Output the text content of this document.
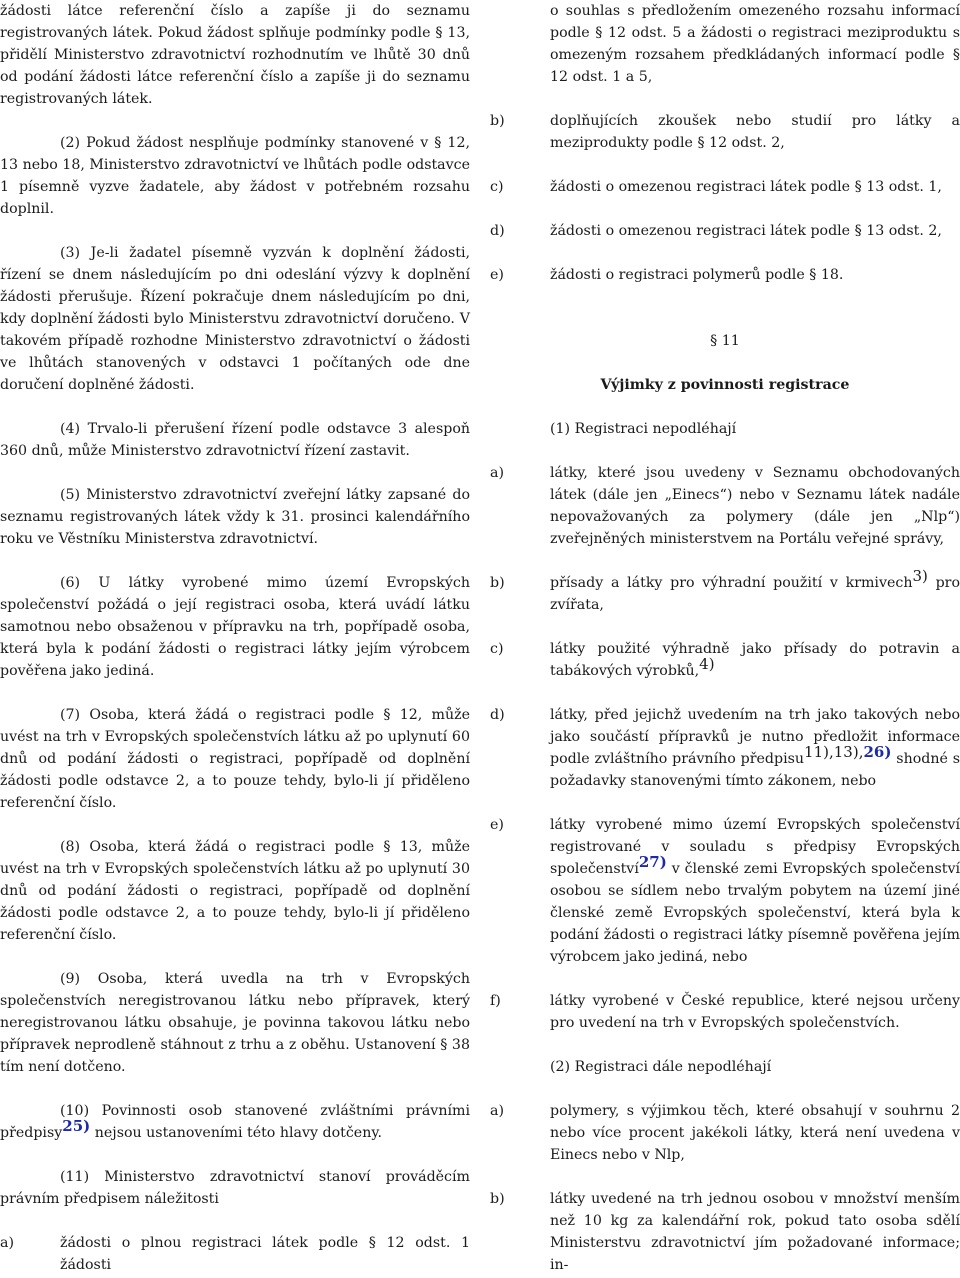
žádosti látce referenční číslo a zapíše ji do seznamu registrovaných látek. Pokud žádost splňuje podmínky podle § 13, přidělí Ministerstvo zdravotnictví rozhodnutím ve lhůtě 30 dnů od podání žádosti látce referenční číslo a zapíše ji do seznamu registrovaných látek.

(2) Pokud žádost nesplňuje podmínky stanovené v § 12, 13 nebo 18, Ministerstvo zdravotnictví ve lhůtách podle odstavce 1 písemně vyzve žadatele, aby žádost v potřebném rozsahu doplnil.

(3) Je-li žadatel písemně vyzván k doplnění žádosti, řízení se dnem následujícím po dni odeslání výzvy k doplnění žádosti přerušuje. Řízení pokračuje dnem následujícím po dni, kdy doplnění žádosti bylo Ministerstvu zdravotnictví doručeno. V takovém případě rozhodne Ministerstvo zdravotnictví o žádosti ve lhůtách stanovených v odstavci 1 počítaných ode dne doručení doplněné žádosti.

(4) Trvalo-li přerušení řízení podle odstavce 3 alespoň 360 dnů, může Ministerstvo zdravotnictví řízení zastavit.

(5) Ministerstvo zdravotnictví zveřejní látky zapsané do seznamu registrovaných látek vždy k 31. prosinci kalendářního roku ve Věstníku Ministerstva zdravotnictví.

(6) U látky vyrobené mimo území Evropských společenství požádá o její registraci osoba, která uvádí látku samotnou nebo obsaženou v přípravku na trh, popřípadě osoba, která byla k podání žádosti o registraci látky jejím výrobcem pověřena jako jediná.

(7) Osoba, která žádá o registraci podle § 12, může uvést na trh v Evropských společenstvích látku až po uplynutí 60 dnů od podání žádosti o registraci, popřípadě od doplnění žádosti podle odstavce 2, a to pouze tehdy, bylo-li jí přiděleno referenční číslo.

(8) Osoba, která žádá o registraci podle § 13, může uvést na trh v Evropských společenstvích látku až po uplynutí 30 dnů od podání žádosti o registraci, popřípadě od doplnění žádosti podle odstavce 2, a to pouze tehdy, bylo-li jí přiděleno referenční číslo.

(9) Osoba, která uvedla na trh v Evropských společenstvích neregistrovanou látku nebo přípravek, který neregistrovanou látku obsahuje, je povinna takovou látku nebo přípravek neprodleně stáhnout z trhu a z oběhu. Ustanovení § 38 tím není dotčeno.

(10) Povinnosti osob stanovené zvláštními právními předpisy$^{25)}$ nejsou ustanoveními této hlavy dotčeny.

(11) Ministerstvo zdravotnictví stanoví prováděcím právním předpisem náležitosti

a)	žádosti o plnou registraci látek podle § 12 odst. 1 žádosti

o souhlas s předložením omezeného rozsahu informací podle § 12 odst. 5 a žádosti o registraci meziproduktu s omezeným rozsahem předkládaných informací podle § 12 odst. 1 a 5,

b)	doplňujících zkoušek nebo studií pro látky a meziprodukty podle § 12 odst. 2,
c)	žádosti o omezenou registraci látek podle § 13 odst. 1,
d)	žádosti o omezenou registraci látek podle § 13 odst. 2,
e)	žádosti o registraci polymerů podle § 18.

§ 11

Výjimky z povinnosti registrace

(1) Registraci nepodléhají

a)	látky, které jsou uvedeny v Seznamu obchodovaných látek (dále jen „Einecs“) nebo v Seznamu látek nadále nepovažovaných za polymery (dále jen „Nlp“) zveřejněných ministerstvem na Portálu veřejné správy,
b)	přísady a látky pro výhradní použití v krmivech$^{3)}$ pro zvířata,
c)	látky použité výhradně jako přísady do potravin a tabákových výrobků,$^{4)}$
d)	látky, před jejichž uvedením na trh jako takových nebo jako součástí přípravků je nutno předložit informace podle zvláštního právního předpisu$^{11),13),26)}$ shodné s požadavky stanovenými tímto zákonem, nebo
e)	látky vyrobené mimo území Evropských společenství registrované v souladu s předpisy Evropských společenství$^{27)}$ v členské zemi Evropských společenství osobou se sídlem nebo trvalým pobytem na území jiné členské země Evropských společenství, která byla k podání žádosti o registraci látky písemně pověřena jejím výrobcem jako jediná, nebo
f)	látky vyrobené v České republice, které nejsou určeny pro uvedení na trh v Evropských společenstvích.

(2) Registraci dále nepodléhají

a)	polymery, s výjimkou těch, které obsahují v souhrnu 2 nebo více procent jakékoli látky, která není uvedena v Einecs nebo v Nlp,
b)	látky uvedené na trh jednou osobou v množství menším než 10 kg za kalendářní rok, pokud tato osoba sdělí Ministerstvu zdravotnictví jím požadované informace; in-
